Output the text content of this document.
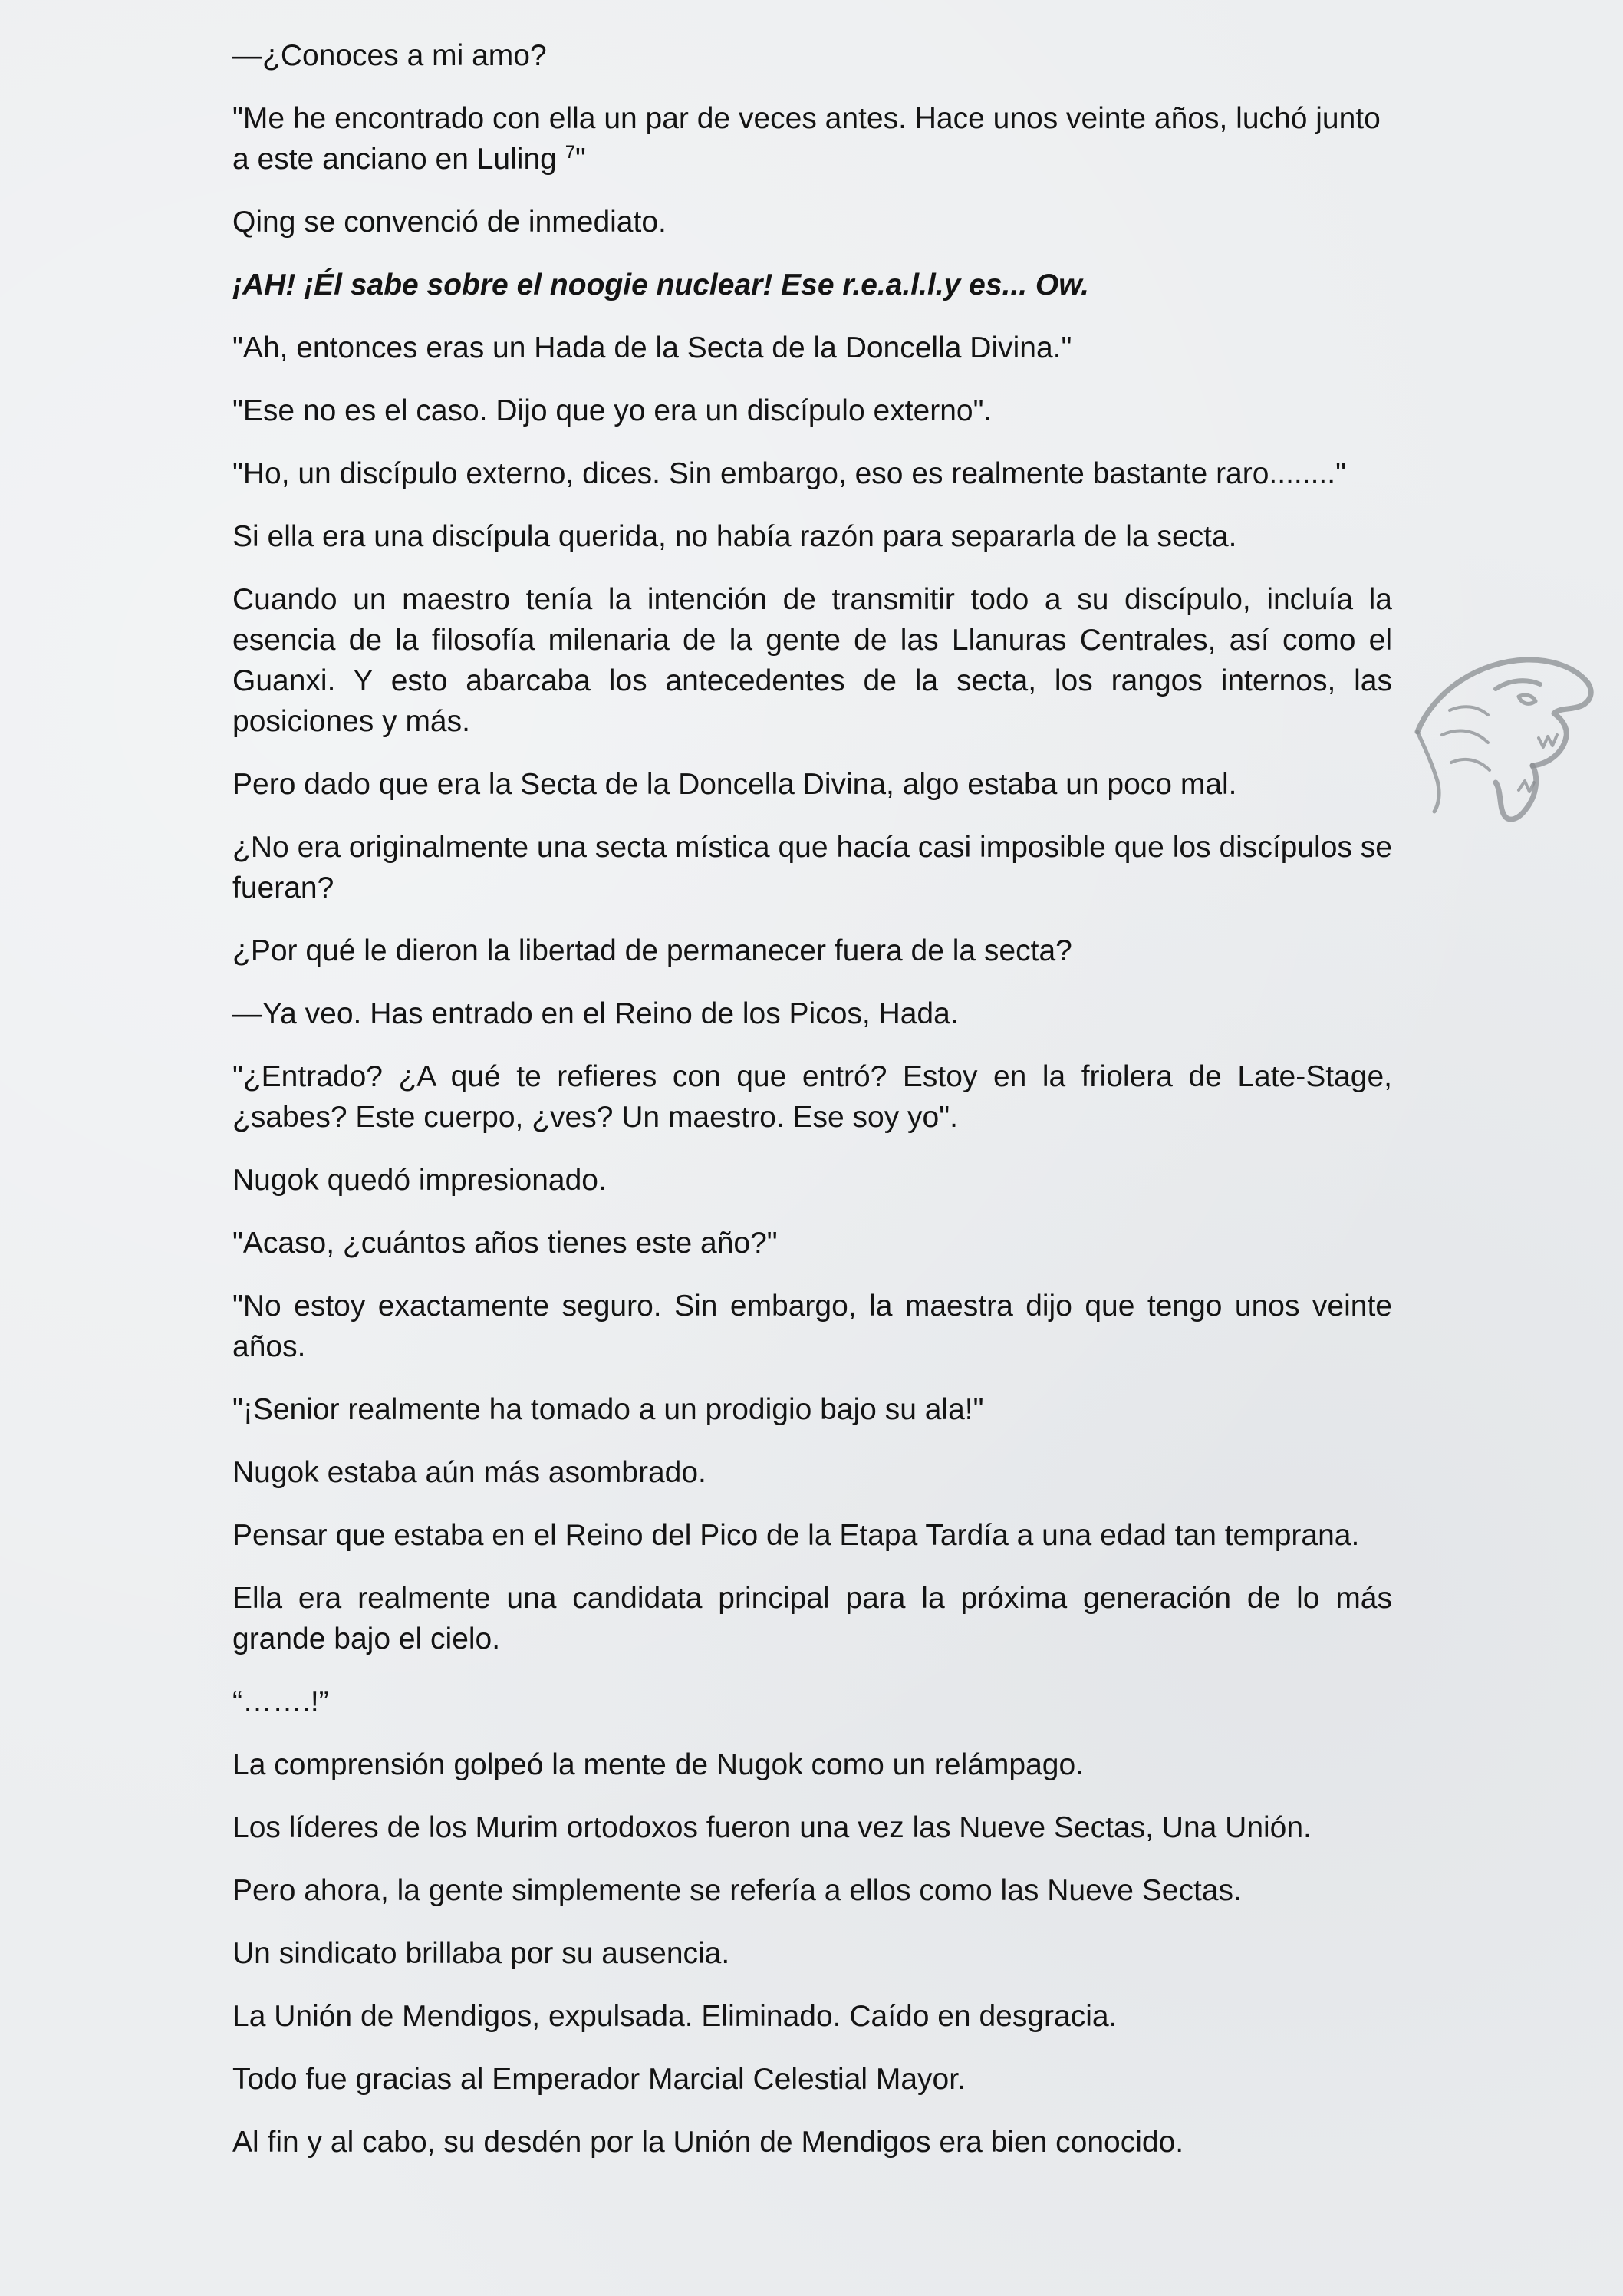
—¿Conoces a mi amo?

"Me he encontrado con ella un par de veces antes. Hace unos veinte años, luchó junto a este anciano en Luling $^7$"

Qing se convenció de inmediato.

¡AH! ¡Él sabe sobre el noogie nuclear! Ese r.e.a.l.l.y es... Ow.

"Ah, entonces eras un Hada de la Secta de la Doncella Divina."

"Ese no es el caso. Dijo que yo era un discípulo externo".

"Ho, un discípulo externo, dices. Sin embargo, eso es realmente bastante raro........"

Si ella era una discípula querida, no había razón para separarla de la secta.

Cuando un maestro tenía la intención de transmitir todo a su discípulo, incluía la esencia de la filosofía milenaria de la gente de las Llanuras Centrales, así como el Guanxi. Y esto abarcaba los antecedentes de la secta, los rangos internos, las posiciones y más.

Pero dado que era la Secta de la Doncella Divina, algo estaba un poco mal.

¿No era originalmente una secta mística que hacía casi imposible que los discípulos se fueran?

¿Por qué le dieron la libertad de permanecer fuera de la secta?

—Ya veo. Has entrado en el Reino de los Picos, Hada.

"¿Entrado? ¿A qué te refieres con que entró? Estoy en la friolera de Late-Stage, ¿sabes? Este cuerpo, ¿ves? Un maestro. Ese soy yo".

Nugok quedó impresionado.

"Acaso, ¿cuántos años tienes este año?"

"No estoy exactamente seguro. Sin embargo, la maestra dijo que tengo unos veinte años.

"¡Senior realmente ha tomado a un prodigio bajo su ala!"

Nugok estaba aún más asombrado.

Pensar que estaba en el Reino del Pico de la Etapa Tardía a una edad tan temprana.

Ella era realmente una candidata principal para la próxima generación de lo más grande bajo el cielo.

“…….!”

La comprensión golpeó la mente de Nugok como un relámpago.

Los líderes de los Murim ortodoxos fueron una vez las Nueve Sectas, Una Unión.

Pero ahora, la gente simplemente se refería a ellos como las Nueve Sectas.

Un sindicato brillaba por su ausencia.

La Unión de Mendigos, expulsada. Eliminado. Caído en desgracia.

Todo fue gracias al Emperador Marcial Celestial Mayor.

Al fin y al cabo, su desdén por la Unión de Mendigos era bien conocido.
